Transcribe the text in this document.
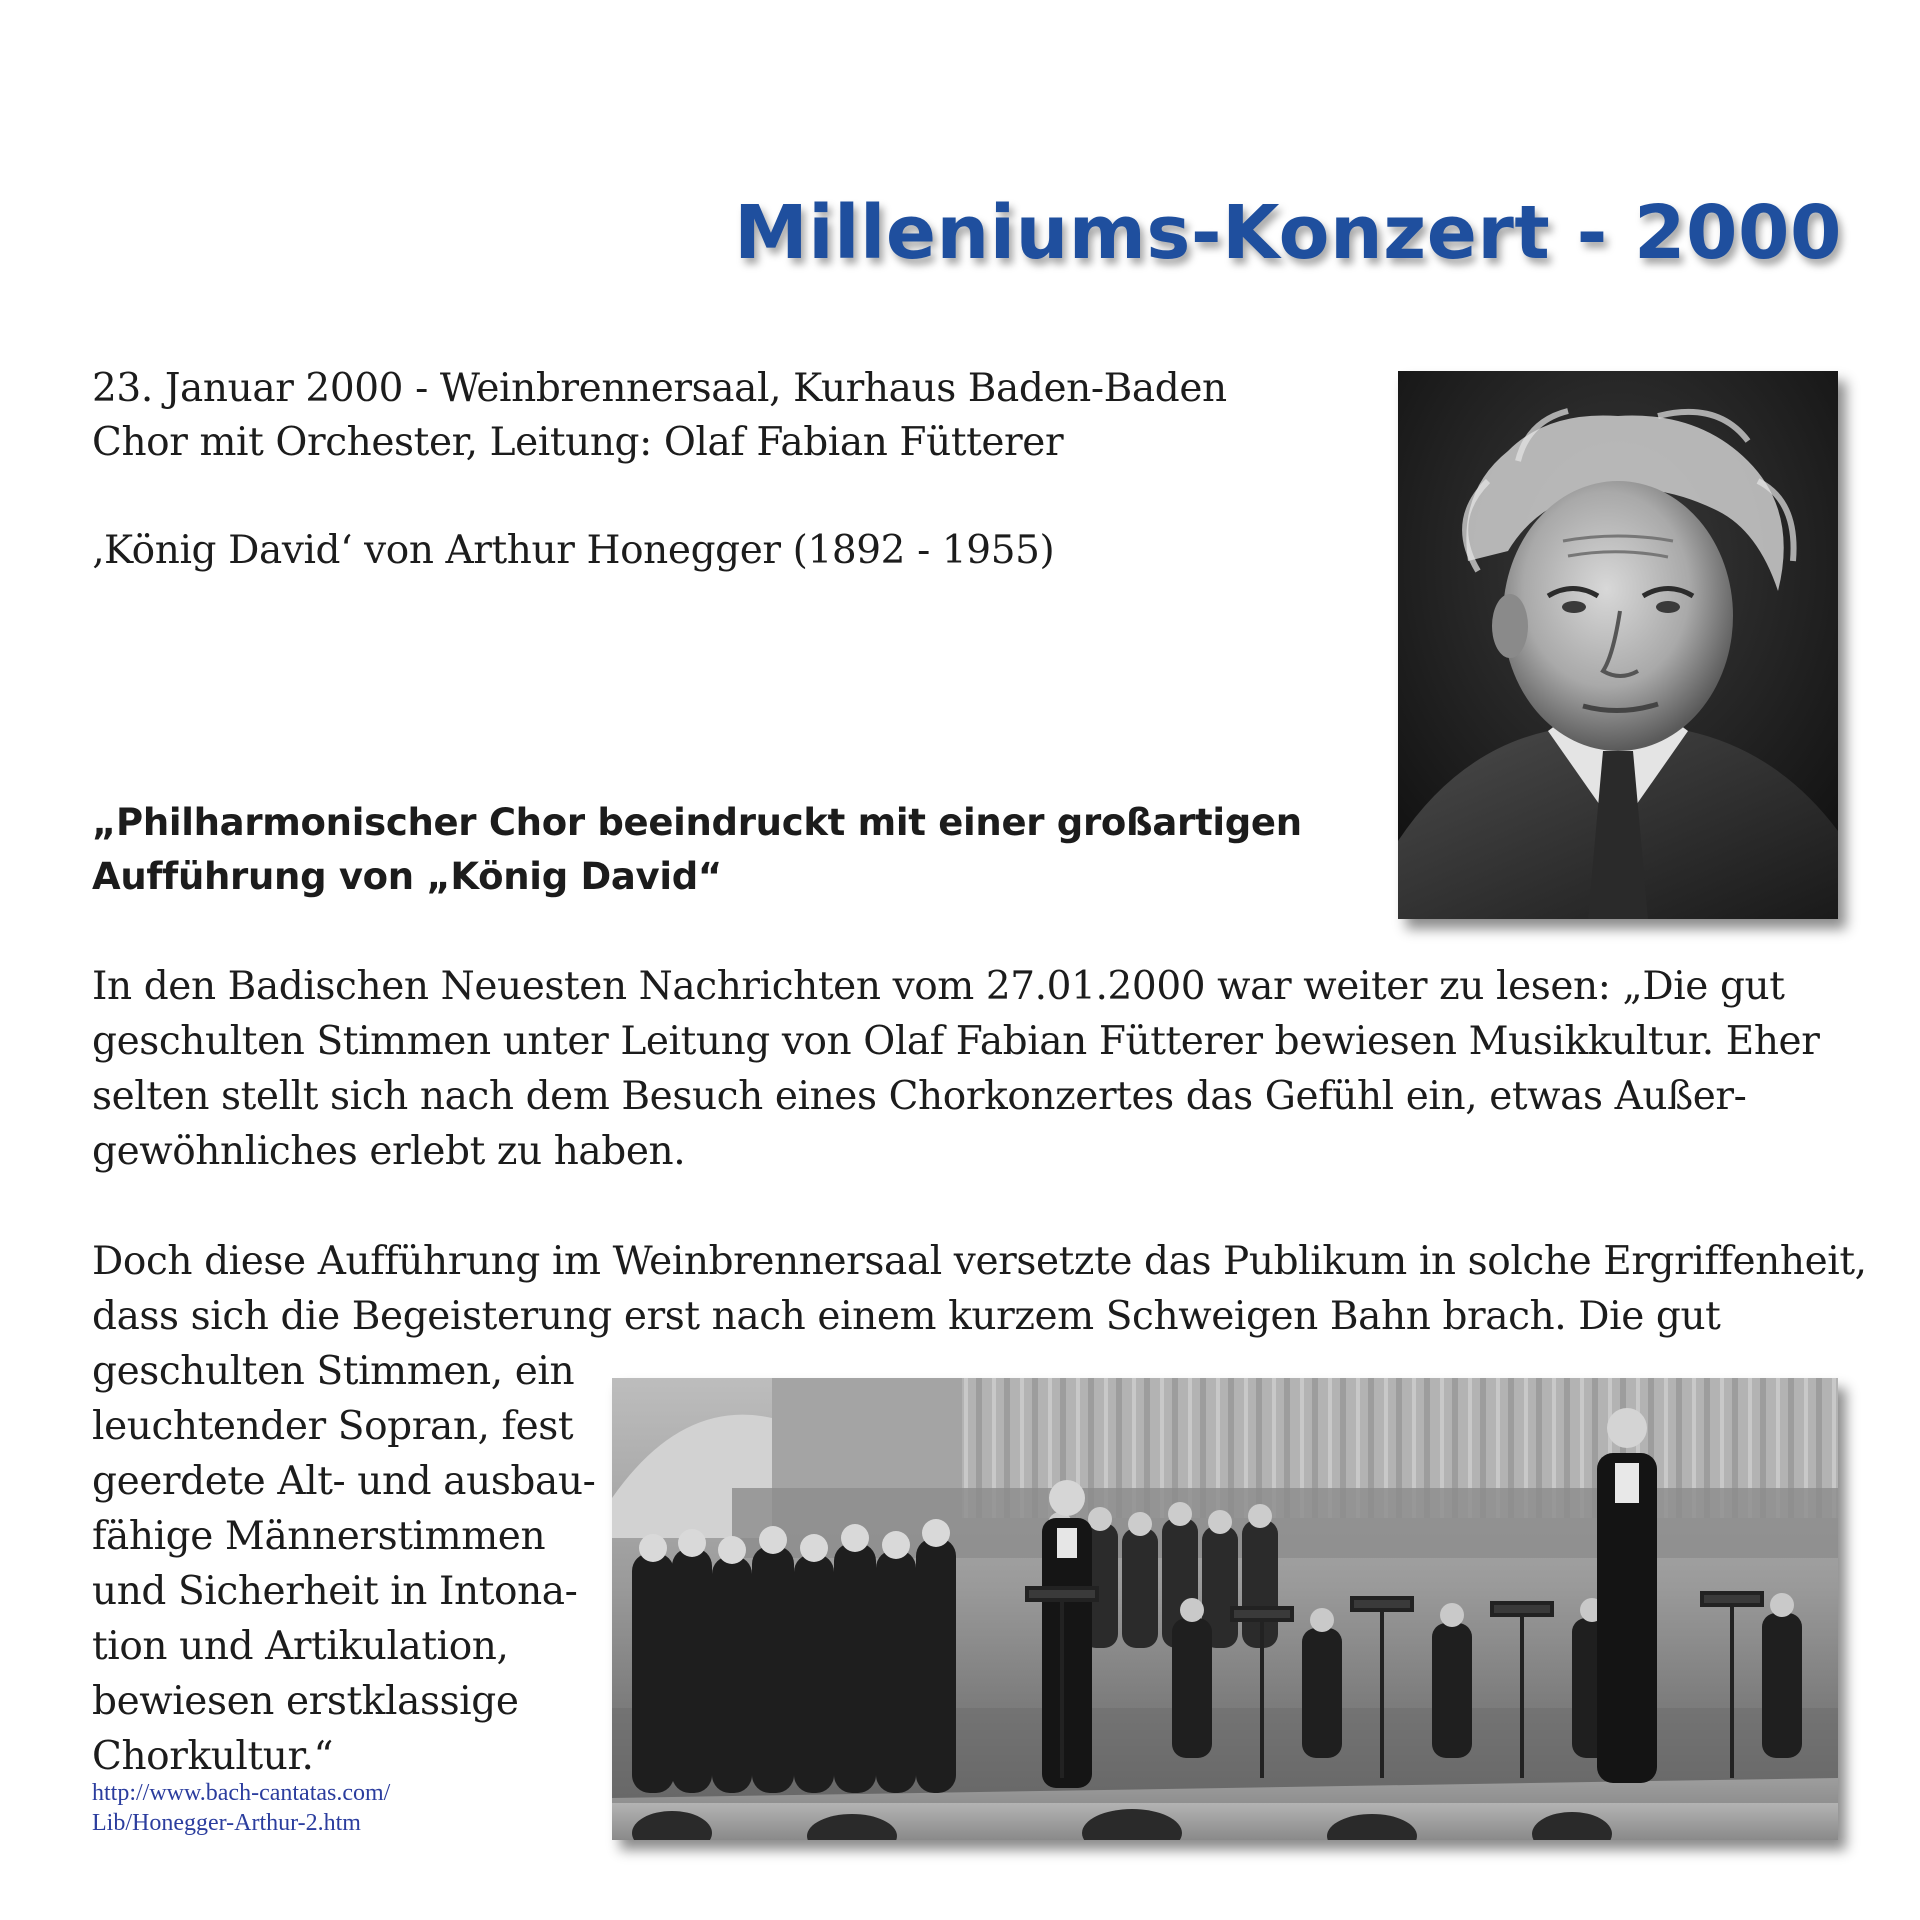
Milleniums-Konzert - 2000

23. Januar 2000 - Weinbrennersaal, Kurhaus Baden-Baden

Chor mit Orchester, Leitung: Olaf Fabian Fütterer

‚König David‘ von Arthur Honegger (1892 - 1955)

„Philharmonischer Chor beeindruckt mit einer großartigen

Aufführung von „König David“

In den Badischen Neuesten Nachrichten vom 27.01.2000 war weiter zu lesen: „Die gut

geschulten Stimmen unter Leitung von Olaf Fabian Fütterer bewiesen Musikkultur. Eher

selten stellt sich nach dem Besuch eines Chorkonzertes das Gefühl ein, etwas Außer-

gewöhnliches erlebt zu haben.

Doch diese Aufführung im Weinbrennersaal versetzte das Publikum in solche Ergriffenheit,

dass sich die Begeisterung erst nach einem kurzem Schweigen Bahn brach. Die gut

geschulten Stimmen, ein

leuchtender Sopran, fest

geerdete Alt- und ausbau-

fähige Männerstimmen

und Sicherheit in Intona-

tion und Artikulation,

bewiesen erstklassige

Chorkultur.“

http://www.bach-cantatas.com/
Lib/Honegger-Arthur-2.htm
